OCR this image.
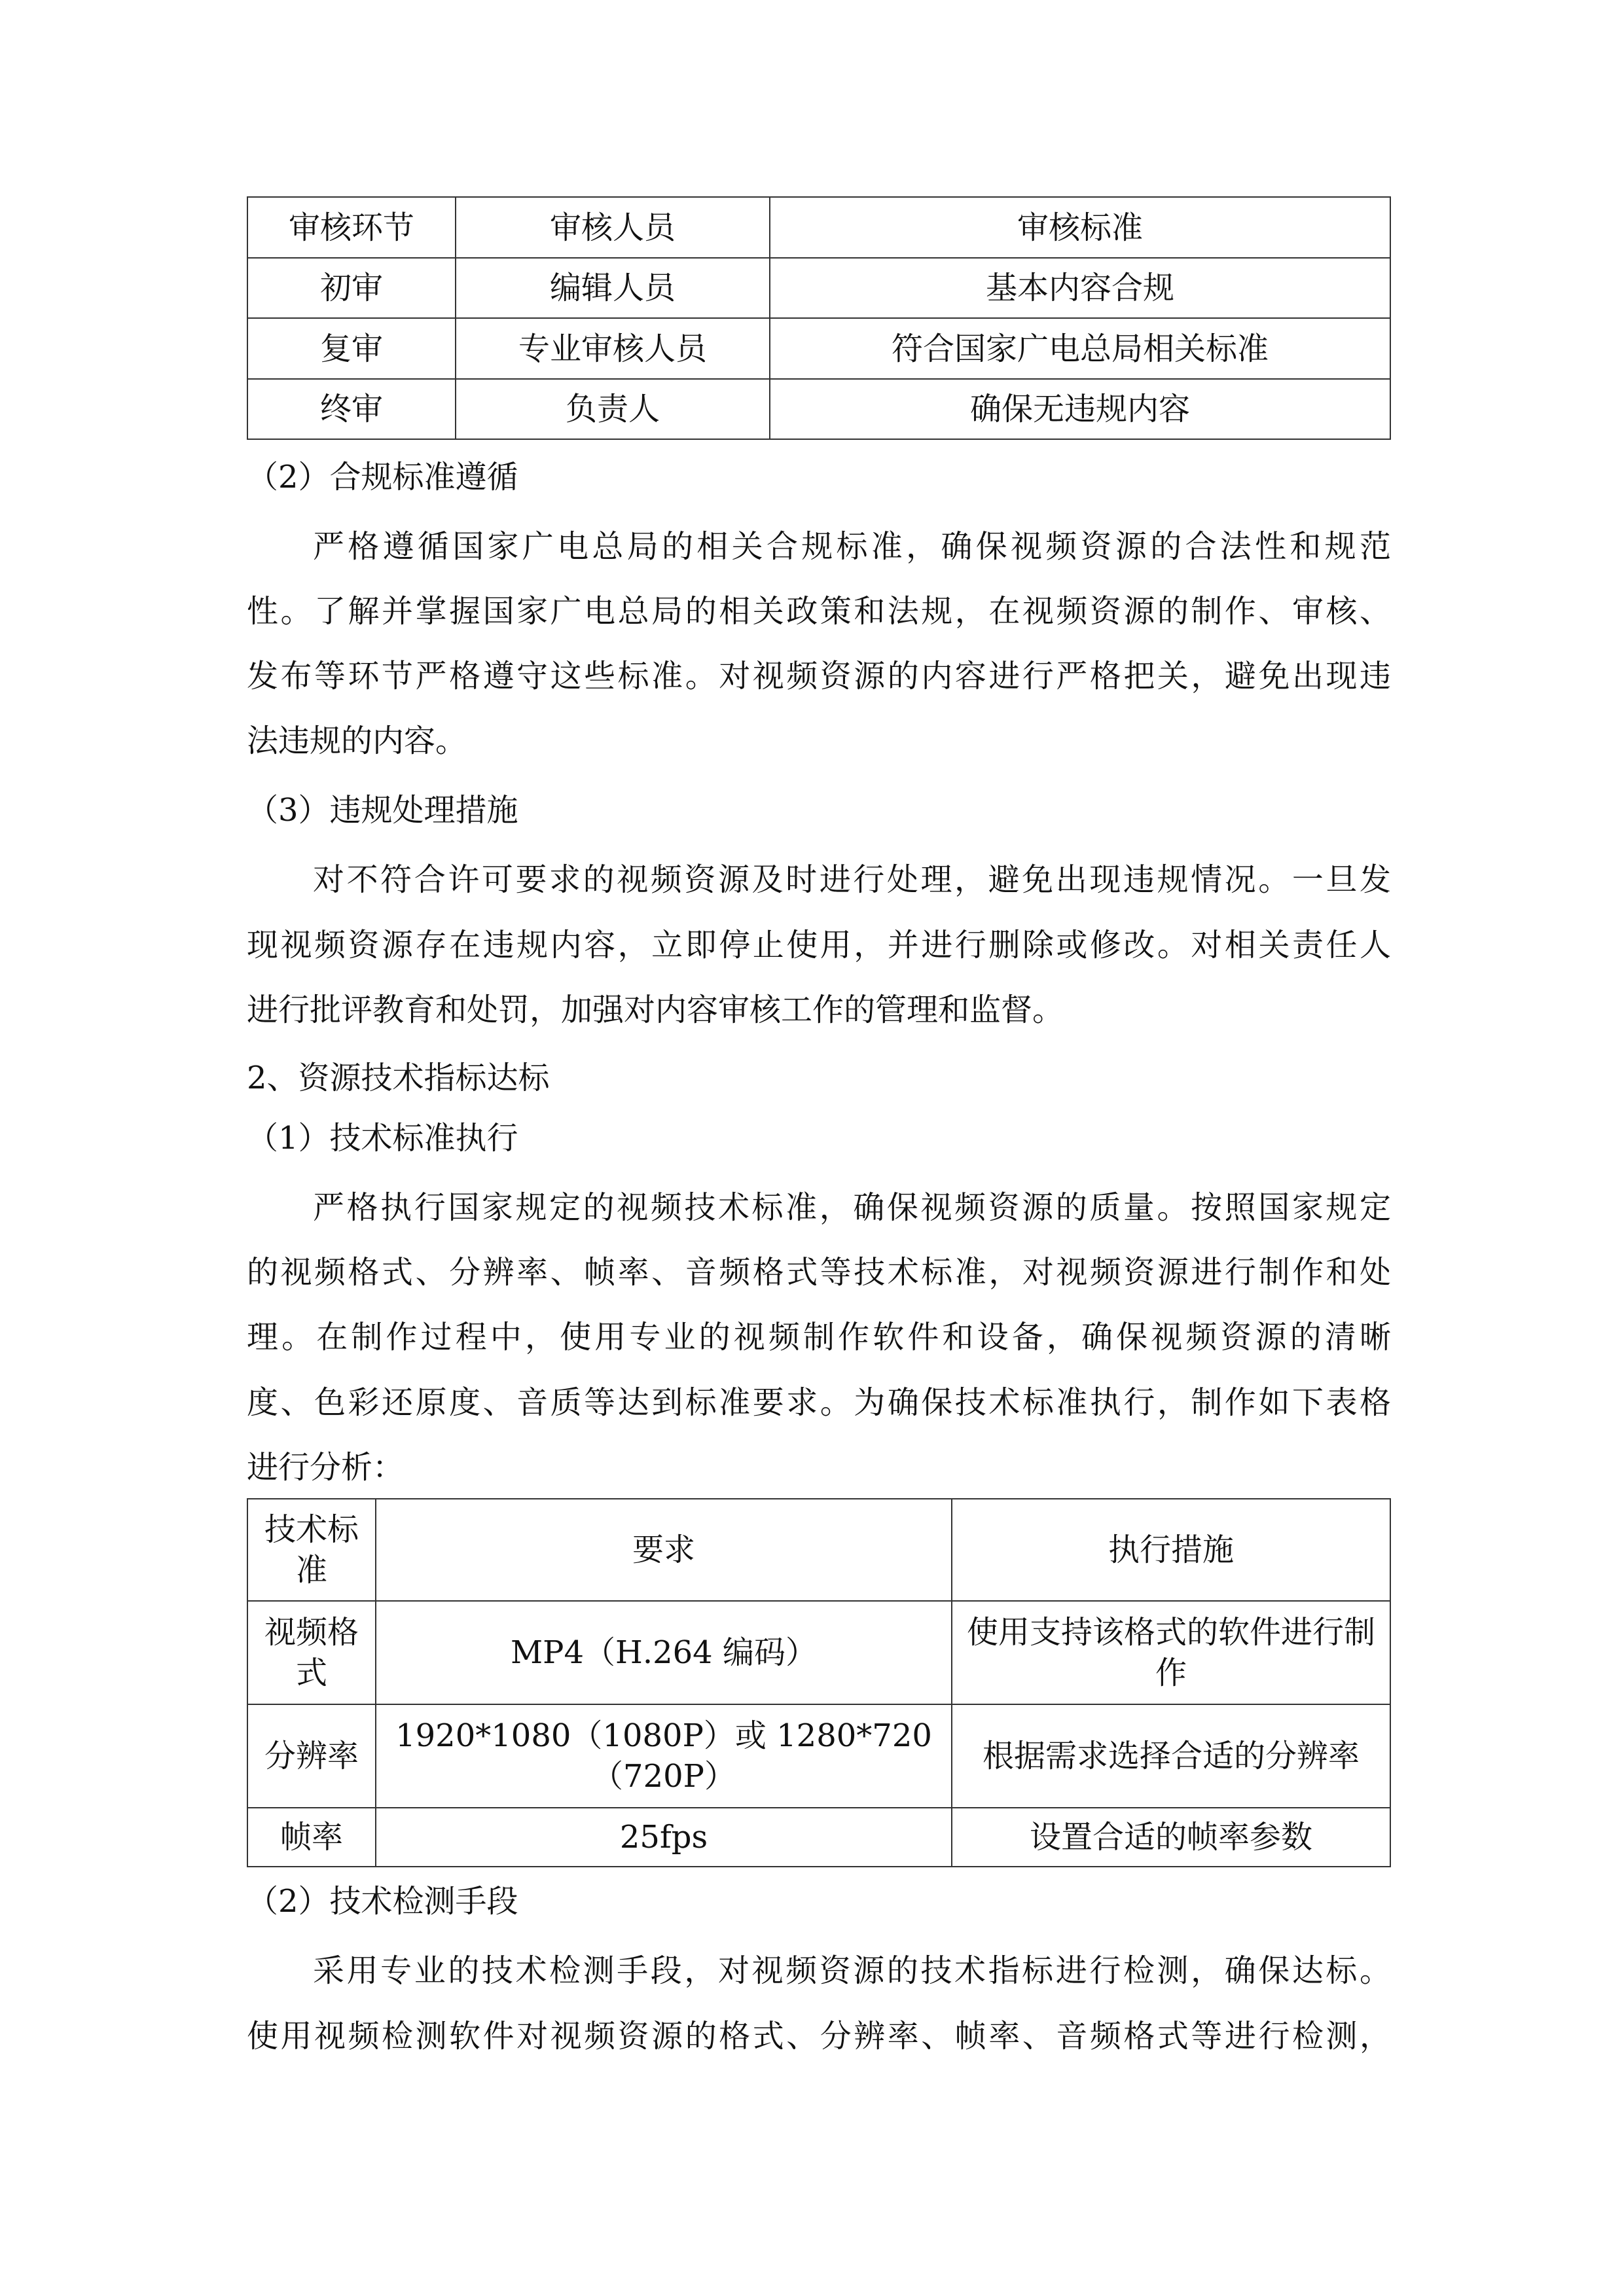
审核环节	审核人员	审核标准
初审	编辑人员	基本内容合规
复审	专业审核人员	符合国家广电总局相关标准
终审	负责人	确保无违规内容
（2）合规标准遵循
严格遵循国家广电总局的相关合规标准，确保视频资源的合法性和规范
性。了解并掌握国家广电总局的相关政策和法规，在视频资源的制作、审核、
发布等环节严格遵守这些标准。对视频资源的内容进行严格把关，避免出现违
法违规的内容。
（3）违规处理措施
对不符合许可要求的视频资源及时进行处理，避免出现违规情况。一旦发
现视频资源存在违规内容，立即停止使用，并进行删除或修改。对相关责任人
进行批评教育和处罚，加强对内容审核工作的管理和监督。
2、资源技术指标达标
（1）技术标准执行
严格执行国家规定的视频技术标准，确保视频资源的质量。按照国家规定
的视频格式、分辨率、帧率、音频格式等技术标准，对视频资源进行制作和处
理。在制作过程中，使用专业的视频制作软件和设备，确保视频资源的清晰
度、色彩还原度、音质等达到标准要求。为确保技术标准执行，制作如下表格
进行分析：
技术标准	要求	执行措施
视频格式	MP4（H.264 编码）	使用支持该格式的软件进行制作
分辨率	1920*1080（1080P）或 1280*720（720P）	根据需求选择合适的分辨率
帧率	25fps	设置合适的帧率参数
（2）技术检测手段
采用专业的技术检测手段，对视频资源的技术指标进行检测，确保达标。
使用视频检测软件对视频资源的格式、分辨率、帧率、音频格式等进行检测，
